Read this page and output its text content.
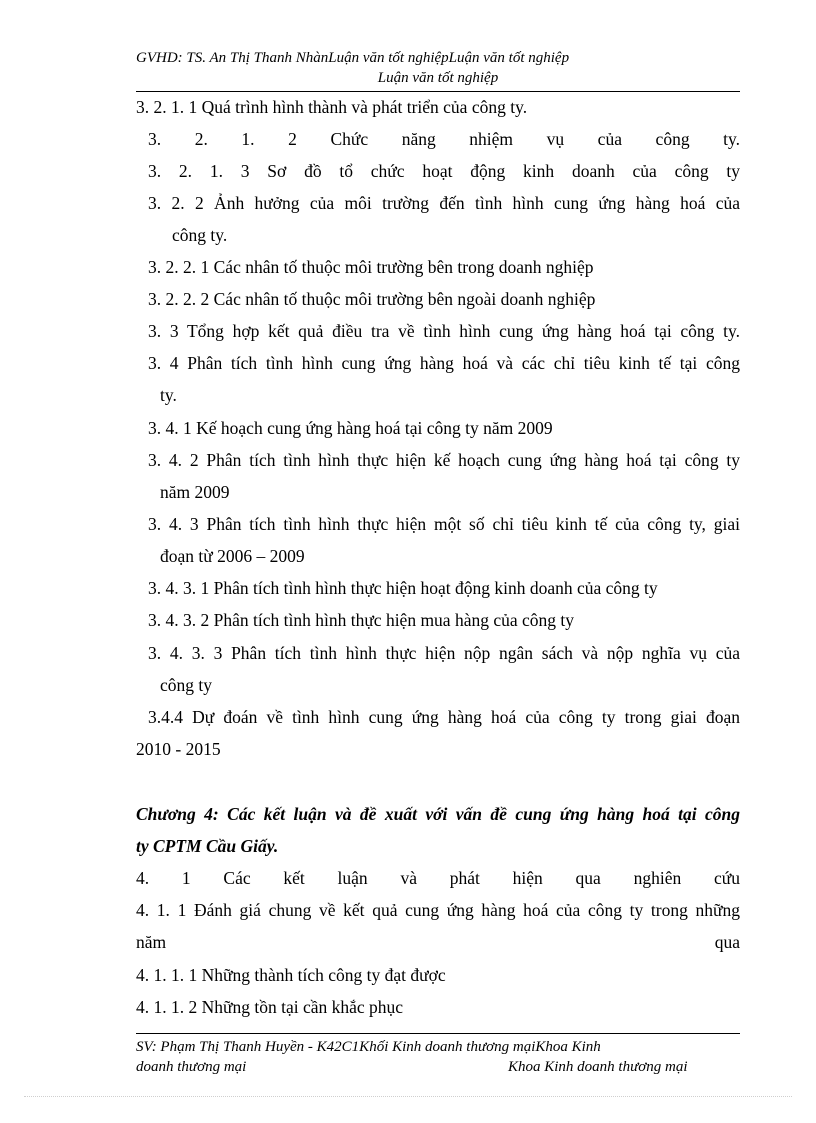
GVHD: TS. An Thị Thanh NhànLuận văn tốt nghiệpLuận văn tốt nghiệp
Luận văn tốt nghiệp
3. 2. 1. 1 Quá trình hình thành và phát triển của công ty.
3. 2. 1. 2 Chức năng nhiệm vụ của công ty.
3. 2. 1. 3 Sơ đồ tổ chức hoạt động kinh doanh của công ty
3. 2. 2 Ảnh hưởng của môi trường đến tình hình cung ứng hàng hoá của
công ty.
3. 2. 2. 1 Các nhân tố thuộc môi trường bên trong doanh nghiệp
3. 2. 2. 2 Các nhân tố thuộc môi trường bên ngoài doanh nghiệp
3. 3 Tổng hợp kết quả điều tra về tình hình cung ứng hàng hoá tại công ty.
3. 4 Phân tích tình hình cung ứng hàng hoá và các chỉ tiêu kinh tế tại công
ty.
3. 4. 1 Kế hoạch cung ứng hàng hoá tại công ty năm 2009
3. 4. 2 Phân tích tình hình thực hiện kế hoạch cung ứng hàng hoá tại công ty
năm 2009
3. 4. 3 Phân tích tình hình thực hiện một số chỉ tiêu kinh tế của công ty, giai
đoạn từ 2006 – 2009
3. 4. 3. 1 Phân tích tình hình thực hiện hoạt động kinh doanh của công ty
3. 4. 3. 2 Phân tích tình hình thực hiện mua hàng của công ty
3. 4. 3. 3 Phân tích tình hình thực hiện nộp ngân sách và nộp nghĩa vụ của
công ty
3.4.4 Dự đoán về tình hình cung ứng hàng hoá của công ty trong giai đoạn
2010 - 2015
Chương 4: Các kết luận và đề xuất với vấn đề cung ứng hàng hoá tại công
ty CPTM Cầu Giấy.
4. 1 Các kết luận và phát hiện qua nghiên cứu
4. 1. 1 Đánh giá chung về kết quả cung ứng hàng hoá của công ty trong những
năm qua
4. 1. 1. 1 Những thành tích công ty đạt được
4. 1. 1. 2 Những tồn tại cần khắc phục
SV: Phạm Thị Thanh Huyền - K42C1Khối Kinh doanh thương mạiKhoa Kinh
doanh thương mại	Khoa Kinh doanh thương mại
